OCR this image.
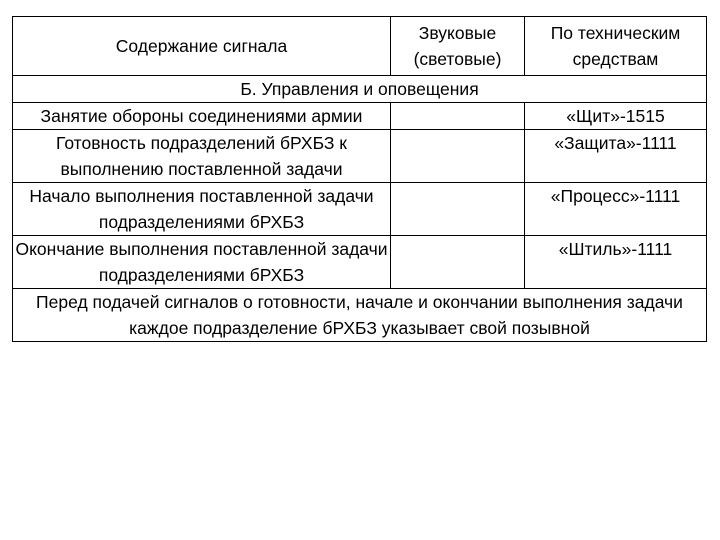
Содержание сигнала	Звуковые (световые)	По техническим средствам
Б. Управления и оповещения		
Занятие обороны соединениями армии		«Щит»-1515
Готовность подразделений бРХБЗ к выполнению поставленной задачи		«Защита»-1111
Начало выполнения поставленной задачи подразделениями бРХБЗ		«Процесс»-1111
Окончание выполнения поставленной задачи подразделениями бРХБЗ		«Штиль»-1111
Перед подачей сигналов о готовности, начале и окончании выполнения задачи каждое подразделение бРХБЗ указывает свой позывной		
